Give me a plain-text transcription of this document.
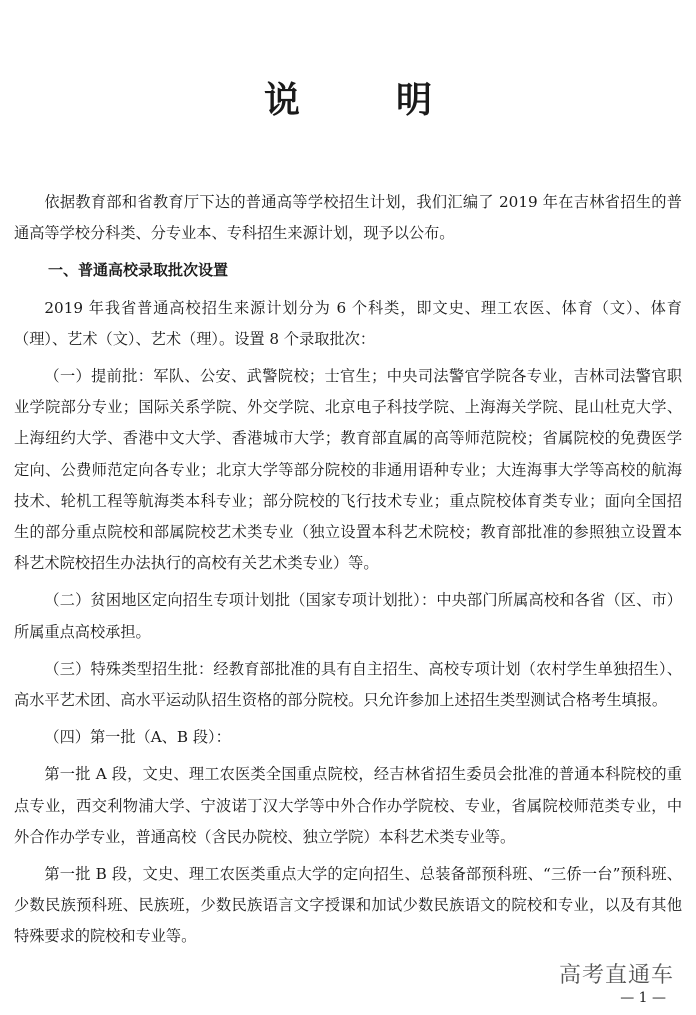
说　明

依据教育部和省教育厅下达的普通高等学校招生计划，我们汇编了 2019 年在吉林省招生的普通高等学校分科类、分专业本、专科招生来源计划，现予以公布。

一、普通高校录取批次设置

2019 年我省普通高校招生来源计划分为 6 个科类，即文史、理工农医、体育（文）、体育（理）、艺术（文）、艺术（理）。设置 8 个录取批次：

（一）提前批：军队、公安、武警院校；士官生；中央司法警官学院各专业，吉林司法警官职业学院部分专业；国际关系学院、外交学院、北京电子科技学院、上海海关学院、昆山杜克大学、上海纽约大学、香港中文大学、香港城市大学；教育部直属的高等师范院校；省属院校的免费医学定向、公费师范定向各专业；北京大学等部分院校的非通用语种专业；大连海事大学等高校的航海技术、轮机工程等航海类本科专业；部分院校的飞行技术专业；重点院校体育类专业；面向全国招生的部分重点院校和部属院校艺术类专业（独立设置本科艺术院校；教育部批准的参照独立设置本科艺术院校招生办法执行的高校有关艺术类专业）等。

（二）贫困地区定向招生专项计划批（国家专项计划批）：中央部门所属高校和各省（区、市）所属重点高校承担。

（三）特殊类型招生批：经教育部批准的具有自主招生、高校专项计划（农村学生单独招生）、高水平艺术团、高水平运动队招生资格的部分院校。只允许参加上述招生类型测试合格考生填报。

（四）第一批（A、B 段）：

第一批 A 段，文史、理工农医类全国重点院校，经吉林省招生委员会批准的普通本科院校的重点专业，西交利物浦大学、宁波诺丁汉大学等中外合作办学院校、专业，省属院校师范类专业，中外合作办学专业，普通高校（含民办院校、独立学院）本科艺术类专业等。

第一批 B 段，文史、理工农医类重点大学的定向招生、总装备部预科班、“三侨一台”预科班、少数民族预科班、民族班，少数民族语言文字授课和加试少数民族语文的院校和专业，以及有其他特殊要求的院校和专业等。

高考直通车
— 1 —
